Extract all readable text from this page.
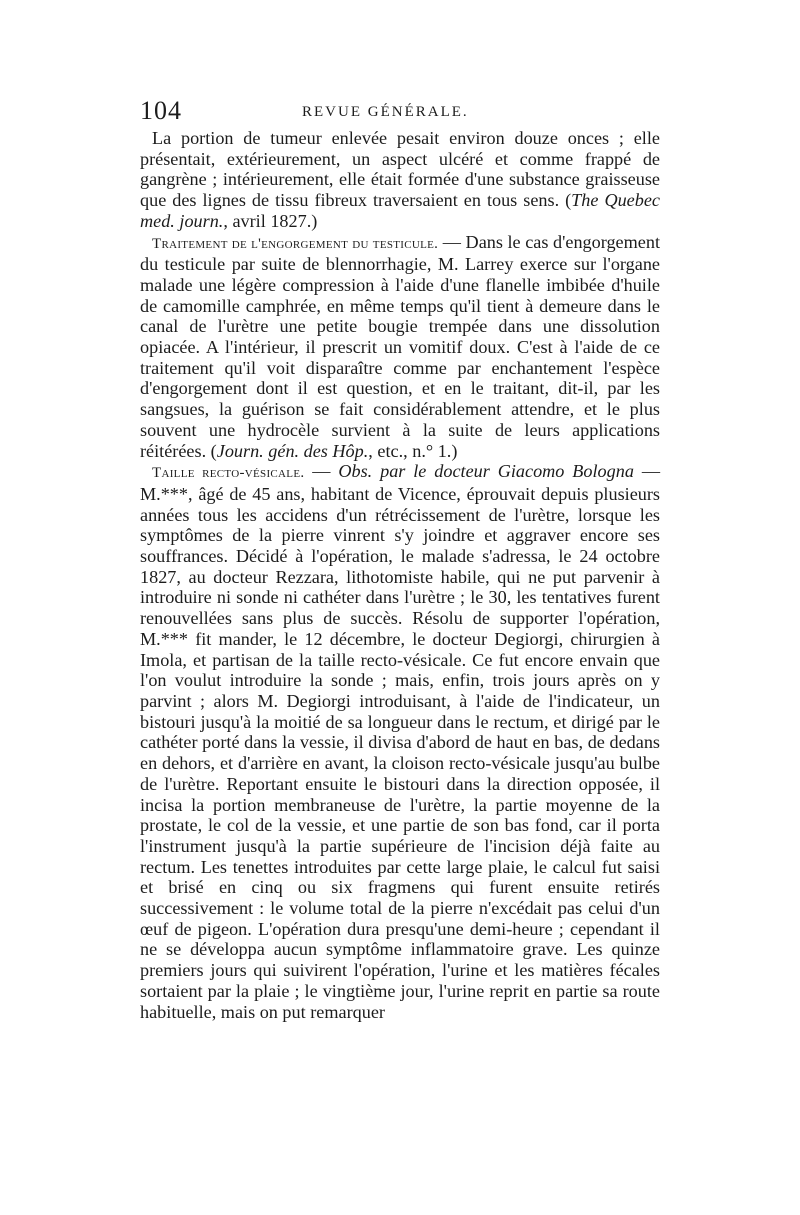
104	REVUE GÉNÉRALE.

La portion de tumeur enlevée pesait environ douze onces ; elle présentait, extérieurement, un aspect ulcéré et comme frappé de gangrène ; intérieurement, elle était formée d'une substance graisseuse que des lignes de tissu fibreux traversaient en tous sens. (The Quebec med. journ., avril 1827.)

Traitement de l'engorgement du testicule. — Dans le cas d'engorgement du testicule par suite de blennorrhagie, M. Larrey exerce sur l'organe malade une légère compression à l'aide d'une flanelle imbibée d'huile de camomille camphrée, en même temps qu'il tient à demeure dans le canal de l'urètre une petite bougie trempée dans une dissolution opiacée. A l'intérieur, il prescrit un vomitif doux. C'est à l'aide de ce traitement qu'il voit disparaître comme par enchantement l'espèce d'engorgement dont il est question, et en le traitant, dit-il, par les sangsues, la guérison se fait considérablement attendre, et le plus souvent une hydrocèle survient à la suite de leurs applications réitérées. (Journ. gén. des Hôp., etc., n.° 1.)

Taille recto-vésicale. — Obs. par le docteur Giacomo Bologna — M.***, âgé de 45 ans, habitant de Vicence, éprouvait depuis plusieurs années tous les accidens d'un rétrécissement de l'urètre, lorsque les symptômes de la pierre vinrent s'y joindre et aggraver encore ses souffrances. Décidé à l'opération, le malade s'adressa, le 24 octobre 1827, au docteur Rezzara, lithotomiste habile, qui ne put parvenir à introduire ni sonde ni cathéter dans l'urètre ; le 30, les tentatives furent renouvellées sans plus de succès. Résolu de supporter l'opération, M.*** fit mander, le 12 décembre, le docteur Degiorgi, chirurgien à Imola, et partisan de la taille recto-vésicale. Ce fut encore envain que l'on voulut introduire la sonde ; mais, enfin, trois jours après on y parvint ; alors M. Degiorgi introduisant, à l'aide de l'indicateur, un bistouri jusqu'à la moitié de sa longueur dans le rectum, et dirigé par le cathéter porté dans la vessie, il divisa d'abord de haut en bas, de dedans en dehors, et d'arrière en avant, la cloison recto-vésicale jusqu'au bulbe de l'urètre. Reportant ensuite le bistouri dans la direction opposée, il incisa la portion membraneuse de l'urètre, la partie moyenne de la prostate, le col de la vessie, et une partie de son bas fond, car il porta l'instrument jusqu'à la partie supérieure de l'incision déjà faite au rectum. Les tenettes introduites par cette large plaie, le calcul fut saisi et brisé en cinq ou six fragmens qui furent ensuite retirés successivement : le volume total de la pierre n'excédait pas celui d'un œuf de pigeon. L'opération dura presqu'une demi-heure ; cependant il ne se développa aucun symptôme inflammatoire grave. Les quinze premiers jours qui suivirent l'opération, l'urine et les matières fécales sortaient par la plaie ; le vingtième jour, l'urine reprit en partie sa route habituelle, mais on put remarquer
